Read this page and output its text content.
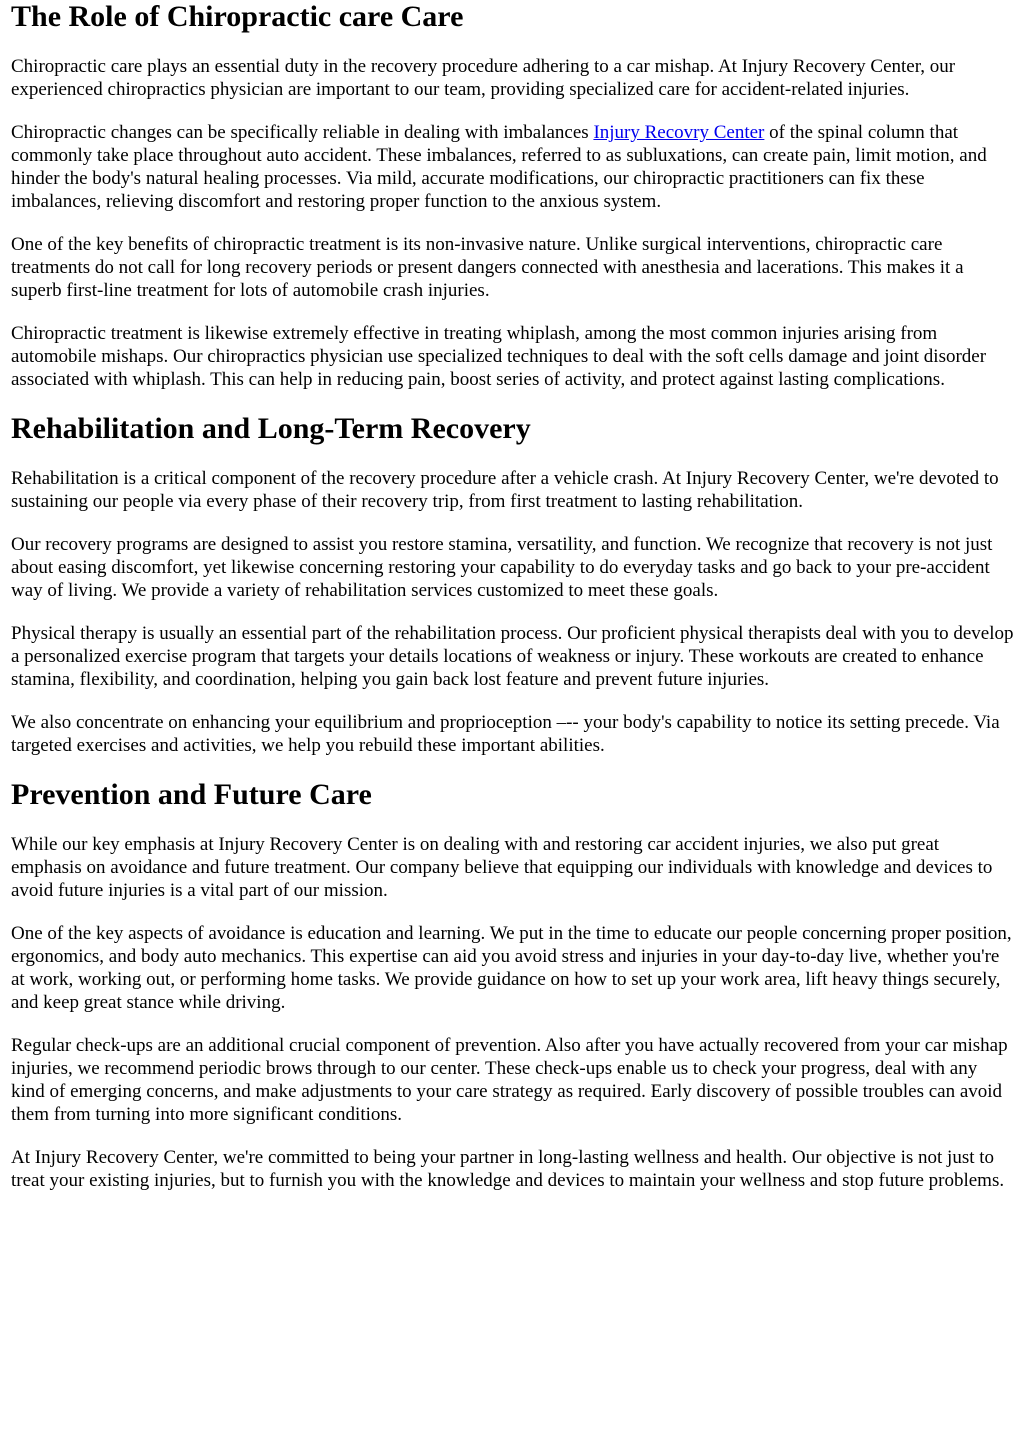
The Role of Chiropractic care Care

Chiropractic care plays an essential duty in the recovery procedure adhering to a car mishap. At Injury Recovery Center, our experienced chiropractics physician are important to our team, providing specialized care for accident-related injuries.

Chiropractic changes can be specifically reliable in dealing with imbalances Injury Recovry Center of the spinal column that commonly take place throughout auto accident. These imbalances, referred to as subluxations, can create pain, limit motion, and hinder the body's natural healing processes. Via mild, accurate modifications, our chiropractic practitioners can fix these imbalances, relieving discomfort and restoring proper function to the anxious system.

One of the key benefits of chiropractic treatment is its non-invasive nature. Unlike surgical interventions, chiropractic care treatments do not call for long recovery periods or present dangers connected with anesthesia and lacerations. This makes it a superb first-line treatment for lots of automobile crash injuries.

Chiropractic treatment is likewise extremely effective in treating whiplash, among the most common injuries arising from automobile mishaps. Our chiropractics physician use specialized techniques to deal with the soft cells damage and joint disorder associated with whiplash. This can help in reducing pain, boost series of activity, and protect against lasting complications.

Rehabilitation and Long-Term Recovery

Rehabilitation is a critical component of the recovery procedure after a vehicle crash. At Injury Recovery Center, we're devoted to sustaining our people via every phase of their recovery trip, from first treatment to lasting rehabilitation.

Our recovery programs are designed to assist you restore stamina, versatility, and function. We recognize that recovery is not just about easing discomfort, yet likewise concerning restoring your capability to do everyday tasks and go back to your pre-accident way of living. We provide a variety of rehabilitation services customized to meet these goals.

Physical therapy is usually an essential part of the rehabilitation process. Our proficient physical therapists deal with you to develop a personalized exercise program that targets your details locations of weakness or injury. These workouts are created to enhance stamina, flexibility, and coordination, helping you gain back lost feature and prevent future injuries.

We also concentrate on enhancing your equilibrium and proprioception –-- your body's capability to notice its setting precede. Via targeted exercises and activities, we help you rebuild these important abilities.

Prevention and Future Care

While our key emphasis at Injury Recovery Center is on dealing with and restoring car accident injuries, we also put great emphasis on avoidance and future treatment. Our company believe that equipping our individuals with knowledge and devices to avoid future injuries is a vital part of our mission.

One of the key aspects of avoidance is education and learning. We put in the time to educate our people concerning proper position, ergonomics, and body auto mechanics. This expertise can aid you avoid stress and injuries in your day-to-day live, whether you're at work, working out, or performing home tasks. We provide guidance on how to set up your work area, lift heavy things securely, and keep great stance while driving.

Regular check-ups are an additional crucial component of prevention. Also after you have actually recovered from your car mishap injuries, we recommend periodic brows through to our center. These check-ups enable us to check your progress, deal with any kind of emerging concerns, and make adjustments to your care strategy as required. Early discovery of possible troubles can avoid them from turning into more significant conditions.

At Injury Recovery Center, we're committed to being your partner in long-lasting wellness and health. Our objective is not just to treat your existing injuries, but to furnish you with the knowledge and devices to maintain your wellness and stop future problems.
